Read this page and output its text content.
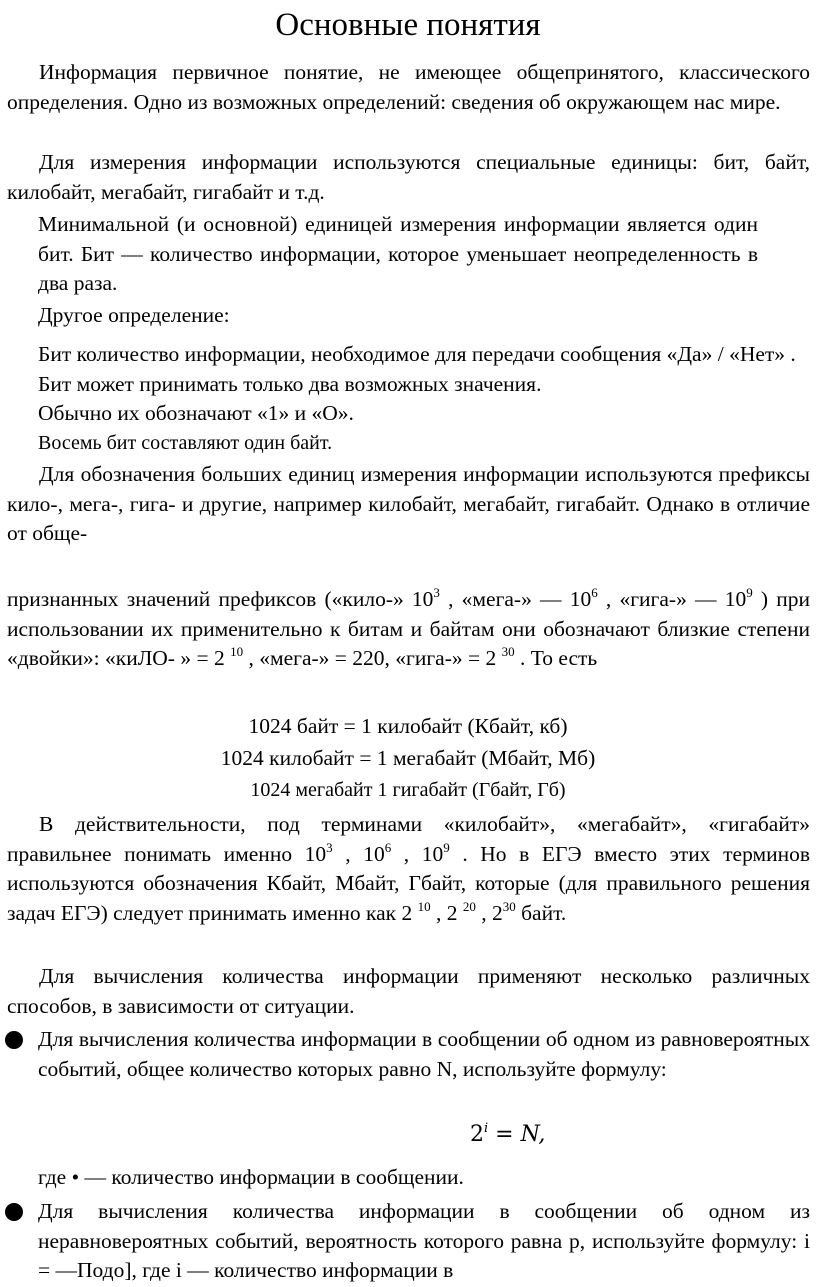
Основные понятия

Информация первичное понятие, не имеющее общепринятого, классического определения. Одно из возможных определений: сведения об окружающем нас мире.

Для измерения информации используются специальные единицы: бит, байт, килобайт, мегабайт, гигабайт и т.д.

Минимальной (и основной) единицей измерения информации является один бит. Бит — количество информации, которое уменьшает неопределенность в два раза.

Другое определение:

Бит количество информации, необходимое для передачи сообщения «Да» / «Нет» . Бит может принимать только два возможных значения.

Обычно их обозначают «1» и «О».

Восемь бит составляют один байт.

Для обозначения больших единиц измерения информации используются префиксы кило-, мега-, гига- и другие, например килобайт, мегабайт, гигабайт. Однако в отличие от обще-

признанных значений префиксов («кило-» $10^3$ , «мега-» — $10^6$ , «гига-» — $10^9$ ) при использовании их применительно к битам и байтам они обозначают близкие степени «двойки»: «киЛО- » = 2 $^{10}$ , «мега-» = 220, «гига-» = 2 $^{30}$ . То есть

1024 байт = 1 килобайт (Кбайт, кб)

1024 килобайт = 1 мегабайт (Мбайт, Мб)

1024 мегабайт 1 гигабайт (Гбайт, Гб)

В действительности, под терминами «килобайт», «мегабайт», «гигабайт» правильнее понимать именно $10^3$ , $10^6$ , $10^9$ . Но в ЕГЭ вместо этих терминов используются обозначения Кбайт, Мбайт, Гбайт, которые (для правильного решения задач ЕГЭ) следует принимать именно как 2 $^{10}$ , 2 $^{20}$ , $2^{30}$ байт.

Для вычисления количества информации применяют несколько различных способов, в зависимости от ситуации.

Для вычисления количества информации в сообщении об одном из равновероятных событий, общее количество которых равно N, используйте формулу:

$2^i = N$,

где • — количество информации в сообщении.

Для вычисления количества информации в сообщении об одном из неравновероятных событий, вероятность которого равна р, используйте формулу: i = —Подо], где i — количество информации в
